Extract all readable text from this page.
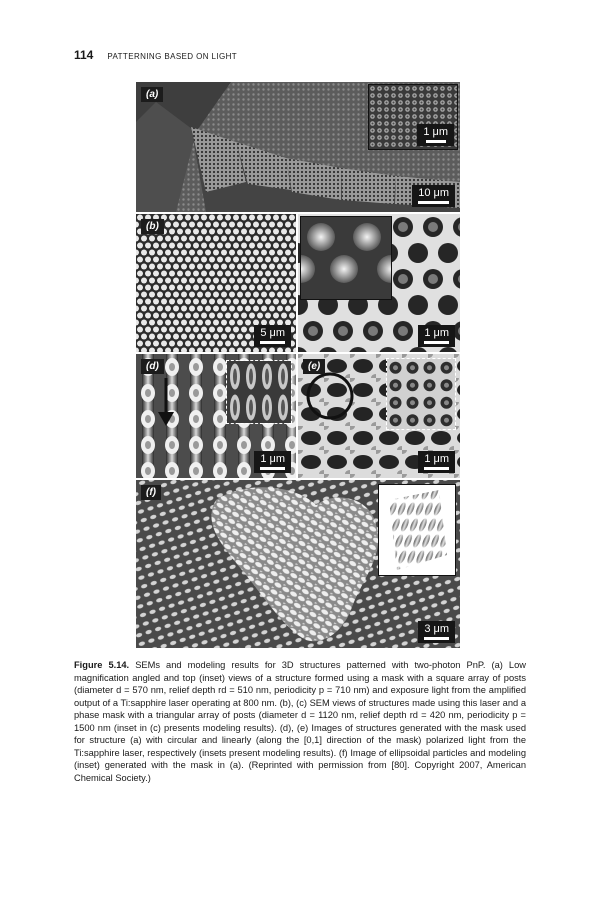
114 PATTERNING BASED ON LIGHT
(a)
1 μm
10 μm
(b)
5 μm	1 μm
(d)
1 μm
(e)
1 μm
(f)
3 μm
Figure 5.14. SEMs and modeling results for 3D structures patterned with two-photon PnP. (a) Low magnification angled and top (inset) views of a structure formed using a mask with a square array of posts (diameter d = 570 nm, relief depth rd = 510 nm, periodicity p = 710 nm) and exposure light from the amplified output of a Ti:sapphire laser operating at 800 nm. (b), (c) SEM views of structures made using this laser and a phase mask with a triangular array of posts (diameter d = 1120 nm, relief depth rd = 420 nm, periodicity p = 1500 nm (inset in (c) presents modeling results). (d), (e) Images of structures generated with the mask used for structure (a) with circular and linearly (along the [0,1] direction of the mask) polarized light from the Ti:sapphire laser, respectively (insets present modeling results). (f) Image of ellipsoidal particles and modeling (inset) generated with the mask in (a). (Reprinted with permission from [80]. Copyright 2007, American Chemical Society.)
